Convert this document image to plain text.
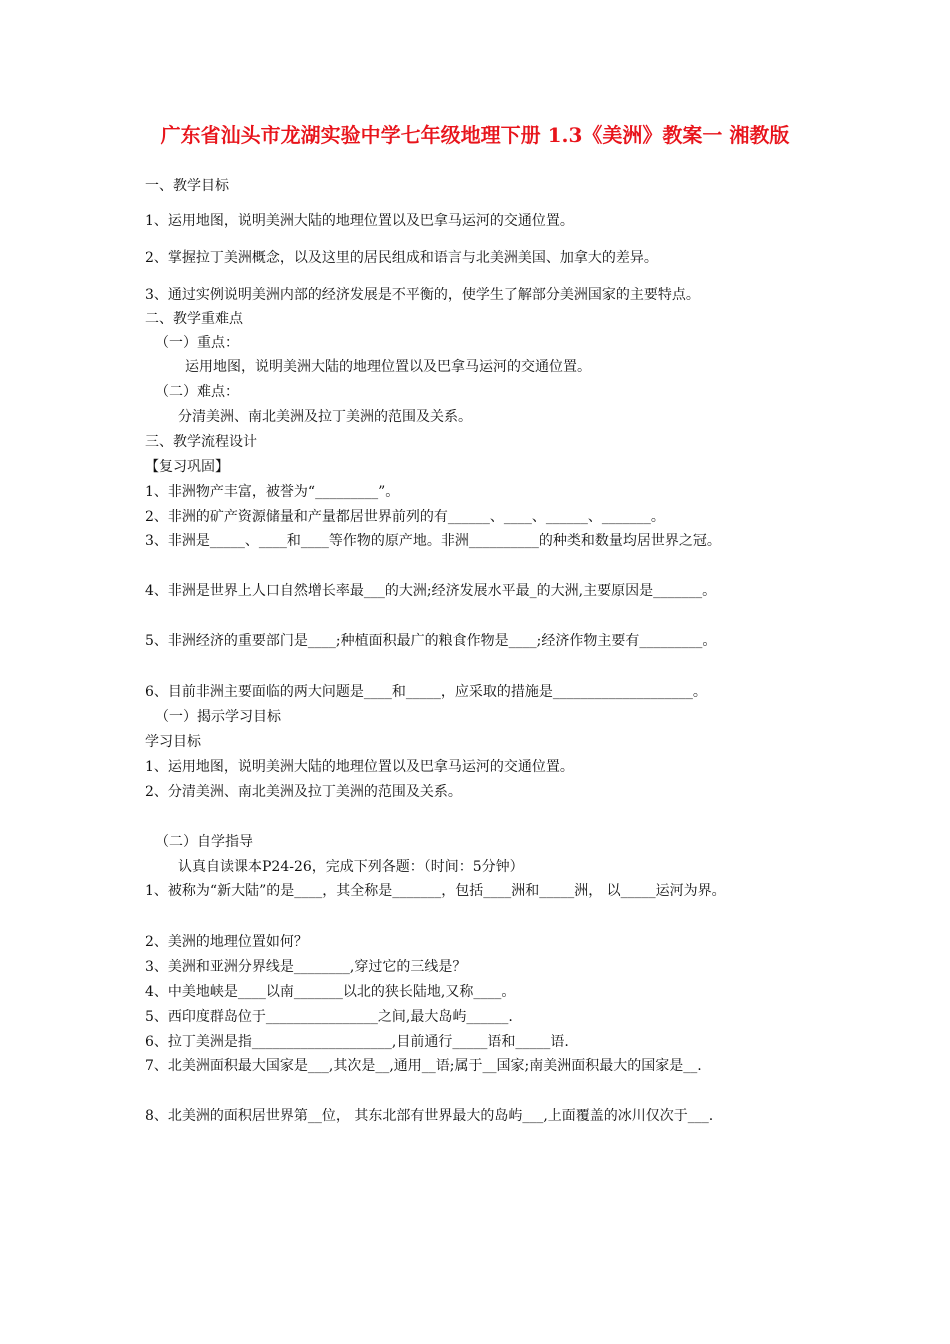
广东省汕头市龙湖实验中学七年级地理下册 1.3《美洲》教案一 湘教版

一、教学目标

1、运用地图，说明美洲大陆的地理位置以及巴拿马运河的交通位置。

2、掌握拉丁美洲概念，以及这里的居民组成和语言与北美洲美国、加拿大的差异。

3、通过实例说明美洲内部的经济发展是不平衡的，使学生了解部分美洲国家的主要特点。

二、教学重难点

（一）重点：

运用地图，说明美洲大陆的地理位置以及巴拿马运河的交通位置。

（二）难点：

分清美洲、南北美洲及拉丁美洲的范围及关系。

三、教学流程设计

【复习巩固】

1、非洲物产丰富，被誉为“_________”。

2、非洲的矿产资源储量和产量都居世界前列的有______、____、______、_______。

3、非洲是_____、____和____等作物的原产地。非洲__________的种类和数量均居世界之冠。

4、非洲是世界上人口自然增长率最___的大洲;经济发展水平最_的大洲,主要原因是_______。

5、非洲经济的重要部门是____;种植面积最广的粮食作物是____;经济作物主要有_________。

6、目前非洲主要面临的两大问题是____和_____，应采取的措施是____________________。

（一）揭示学习目标

学习目标

1、运用地图，说明美洲大陆的地理位置以及巴拿马运河的交通位置。

2、分清美洲、南北美洲及拉丁美洲的范围及关系。

（二）自学指导

认真自读课本P24-26，完成下列各题：（时间：5分钟）

1、被称为“新大陆”的是____，其全称是_______，包括____洲和_____洲， 以_____运河为界。

2、美洲的地理位置如何？

3、美洲和亚洲分界线是________,穿过它的三线是？

4、中美地峡是____以南_______以北的狭长陆地,又称____。

5、西印度群岛位于________________之间,最大岛屿______.

6、拉丁美洲是指____________________,目前通行_____语和_____语.

7、北美洲面积最大国家是___,其次是__,通用__语;属于__国家;南美洲面积最大的国家是__.

8、北美洲的面积居世界第__位， 其东北部有世界最大的岛屿___,上面覆盖的冰川仅次于___.
